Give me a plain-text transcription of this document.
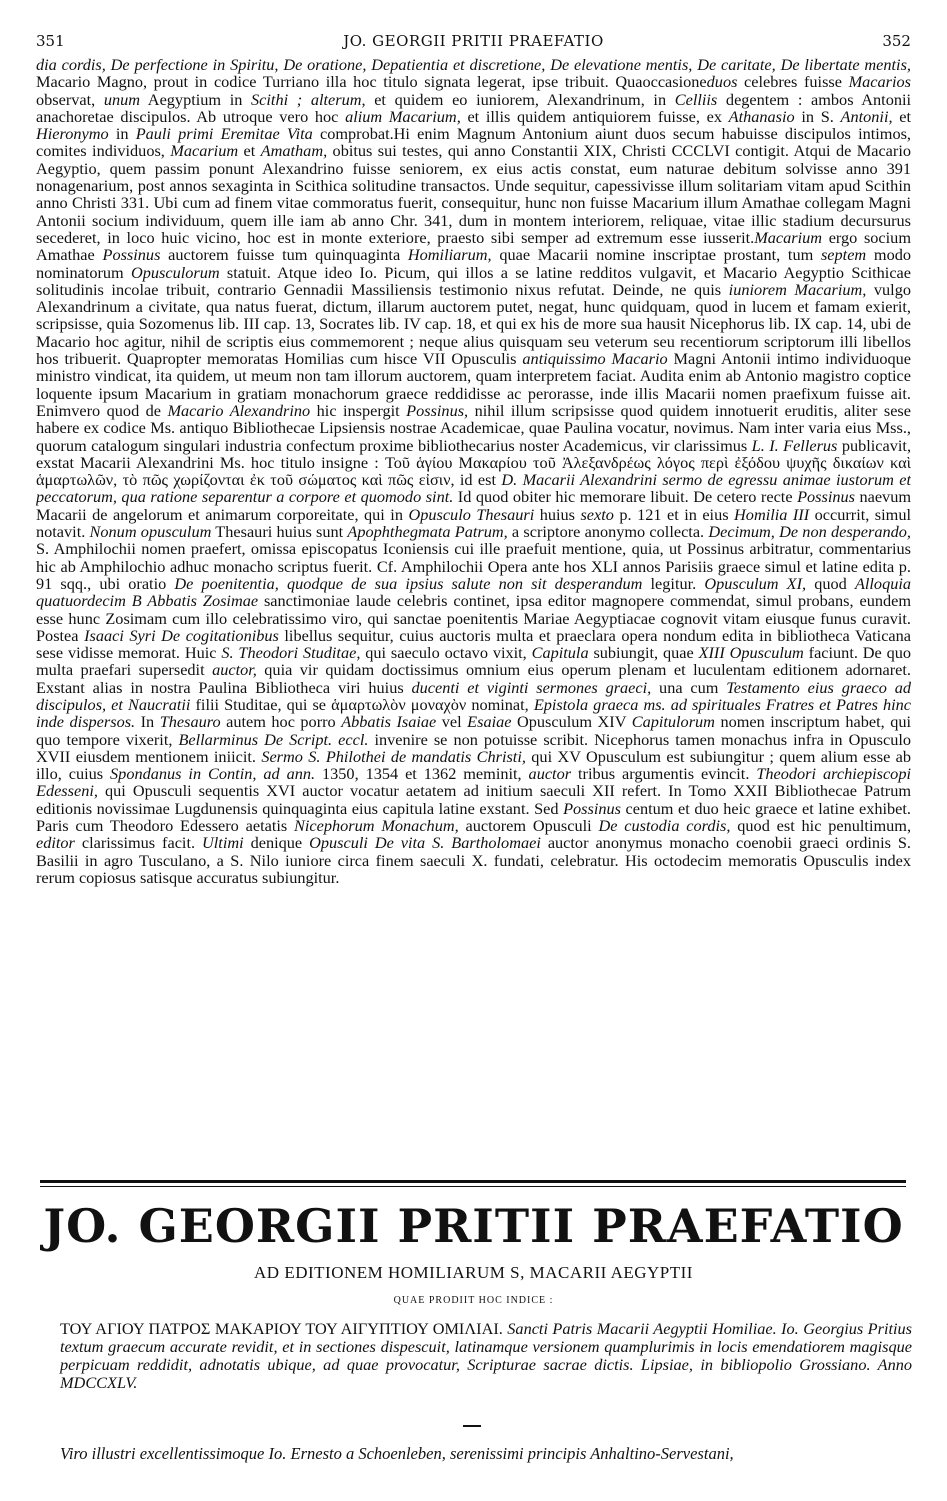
351	JO. GEORGII PRITII PRAEFATIO	352
dia cordis, De perfectione in Spiritu, De oratione, Depatientia et discretione, De elevatione mentis, De caritate, De libertate mentis, Macario Magno, prout in codice Turriano illa hoc titulo signata legerat, ipse tribuit. Quaoccasioneduos celebres fuisse Macarios observat, unum Aegyptium in Scithi ; alterum, et quidem eo iuniorem, Alexandrinum, in Celliis degentem : ambos Antonii anachoretae discipulos. Ab utroque vero hoc alium Macarium, et illis quidem antiquiorem fuisse, ex Athanasio in S. Antonii, et Hieronymo in Pauli primi Eremitae Vita comprobat.Hi enim Magnum Antonium aiunt duos secum habuisse discipulos intimos, comites individuos, Macarium et Amatham, obitus sui testes, qui anno Constantii XIX, Christi CCCLVI contigit. Atqui de Macario Aegyptio, quem passim ponunt Alexandrino fuisse seniorem, ex eius actis constat, eum naturae debitum solvisse anno 391 nonagenarium, post annos sexaginta in Scithica solitudine transactos. Unde sequitur, capessivisse illum solitariam vitam apud Scithin anno Christi 331. Ubi cum ad finem vitae commoratus fuerit, consequitur, hunc non fuisse Macarium illum Amathae collegam Magni Antonii socium individuum, quem ille iam ab anno Chr. 341, dum in montem interiorem, reliquae, vitae illic stadium decursurus secederet, in loco huic vicino, hoc est in monte exteriore, praesto sibi semper ad extremum esse iusserit.Macarium ergo socium Amathae Possinus auctorem fuisse tum quinquaginta Homiliarum, quae Macarii nomine inscriptae prostant, tum septem modo nominatorum Opusculorum statuit. Atque ideo Io. Picum, qui illos a se latine redditos vulgavit, et Macario Aegyptio Scithicae solitudinis incolae tribuit, contrario Gennadii Massiliensis testimonio nixus refutat. Deinde, ne quis iuniorem Macarium, vulgo Alexandrinum a civitate, qua natus fuerat, dictum, illarum auctorem putet, negat, hunc quidquam, quod in lucem et famam exierit, scripsisse, quia Sozomenus lib. III cap. 13, Socrates lib. IV cap. 18, et qui ex his de more sua hausit Nicephorus lib. IX cap. 14, ubi de Macario hoc agitur, nihil de scriptis eius commemorent ; neque alius quisquam seu veterum seu recentiorum scriptorum illi libellos hos tribuerit. Quapropter memoratas Homilias cum hisce VII Opusculis antiquissimo Macario Magni Antonii intimo individuoque ministro vindicat, ita quidem, ut meum non tam illorum auctorem, quam interpretem faciat. Audita enim ab Antonio magistro coptice loquente ipsum Macarium in gratiam monachorum graece reddidisse ac perorasse, inde illis Macarii nomen praefixum fuisse ait. Enimvero quod de Macario Alexandrino hic inspergit Possinus, nihil illum scripsisse quod quidem innotuerit eruditis, aliter sese habere ex codice Ms. antiquo Bibliothecae Lipsiensis nostrae Academicae, quae Paulina vocatur, novimus. Nam inter varia eius Mss., quorum catalogum singulari industria confectum proxime bibliothecarius noster Academicus, vir clarissimus L. I. Fellerus publicavit, exstat Macarii Alexandrini Ms. hoc titulo insigne : Τοῦ ἁγίου Μακαρίου τοῦ Ἀλεξανδρέως λόγος περὶ ἐξόδου ψυχῆς δικαίων καὶ ἁμαρτωλῶν, τὸ πῶς χωρίζονται ἐκ τοῦ σώματος καὶ πῶς εἰσιν, id est D. Macarii Alexandrini sermo de egressu animae iustorum et peccatorum, qua ratione separentur a corpore et quomodo sint. Id quod obiter hic memorare libuit. De cetero recte Possinus naevum Macarii de angelorum et animarum corporeitate, qui in Opusculo Thesauri huius sexto p. 121 et in eius Homilia III occurrit, simul notavit. Nonum opusculum Thesauri huius sunt Apophthegmata Patrum, a scriptore anonymo collecta. Decimum, De non desperando, S. Amphilochii nomen praefert, omissa episcopatus Iconiensis cui ille praefuit mentione, quia, ut Possinus arbitratur, commentarius hic ab Amphilochio adhuc monacho scriptus fuerit. Cf. Amphilochii Opera ante hos XLI annos Parisiis graece simul et latine edita p. 91 sqq., ubi oratio De poenitentia, quodque de sua ipsius salute non sit desperandum legitur. Opusculum XI, quod Alloquia quatuordecim B Abbatis Zosimae sanctimoniae laude celebris continet, ipsa editor magnopere commendat, simul probans, eundem esse hunc Zosimam cum illo celebratissimo viro, qui sanctae poenitentis Mariae Aegyptiacae cognovit vitam eiusque funus curavit. Postea Isaaci Syri De cogitationibus libellus sequitur, cuius auctoris multa et praeclara opera nondum edita in bibliotheca Vaticana sese vidisse memorat. Huic S. Theodori Studitae, qui saeculo octavo vixit, Capitula subiungit, quae XIII Opusculum faciunt. De quo multa praefari supersedit auctor, quia vir quidam doctissimus omnium eius operum plenam et luculentam editionem adornaret. Exstant alias in nostra Paulina Bibliotheca viri huius ducenti et viginti sermones graeci, una cum Testamento eius graeco ad discipulos, et Naucratii filii Studitae, qui se ἁμαρτωλὸν μοναχὸν nominat, Epistola graeca ms. ad spirituales Fratres et Patres hinc inde dispersos. In Thesauro autem hoc porro Abbatis Isaiae vel Esaiae Opusculum XIV Capitulorum nomen inscriptum habet, qui quo tempore vixerit, Bellarminus De Script. eccl. invenire se non potuisse scribit. Nicephorus tamen monachus infra in Opusculo XVII eiusdem mentionem iniicit. Sermo S. Philothei de mandatis Christi, qui XV Opusculum est subiungitur ; quem alium esse ab illo, cuius Spondanus in Contin, ad ann. 1350, 1354 et 1362 meminit, auctor tribus argumentis evincit. Theodori archiepiscopi Edesseni, qui Opusculi sequentis XVI auctor vocatur aetatem ad initium saeculi XII refert. In Tomo XXII Bibliothecae Patrum editionis novissimae Lugdunensis quinquaginta eius capitula latine exstant. Sed Possinus centum et duo heic graece et latine exhibet. Paris cum Theodoro Edessero aetatis Nicephorum Monachum, auctorem Opusculi De custodia cordis, quod est hic penultimum, editor clarissimus facit. Ultimi denique Opusculi De vita S. Bartholomaei auctor anonymus monacho coenobii graeci ordinis S. Basilii in agro Tusculano, a S. Nilo iuniore circa finem saeculi X. fundati, celebratur. His octodecim memoratis Opusculis index rerum copiosus satisque accuratus subiungitur.
JO. GEORGII PRITII PRAEFATIO
AD EDITIONEM HOMILIARUM S, MACARII AEGYPTII
QUAE PRODIIT HOC INDICE :
ΤΟΥ ΑΓΙΟΥ ΠΑΤΡΟΣ ΜΑΚΑΡΙΟΥ ΤΟΥ ΑΙΓΥΠΤΙΟΥ ΟΜΙΛΙΑΙ. Sancti Patris Macarii Aegyptii Homiliae. Io. Georgius Pritius textum graecum accurate revidit, et in sectiones dispescuit, latinamque versionem quamplurimis in locis emendatiorem magisque perpicuam reddidit, adnotatis ubique, ad quae provocatur, Scripturae sacrae dictis. Lipsiae, in bibliopolio Grossiano. Anno MDCCXLV.
Viro illustri excellentissimoque Io. Ernesto a Schoenleben, serenissimi principis Anhaltino-Servestani,
